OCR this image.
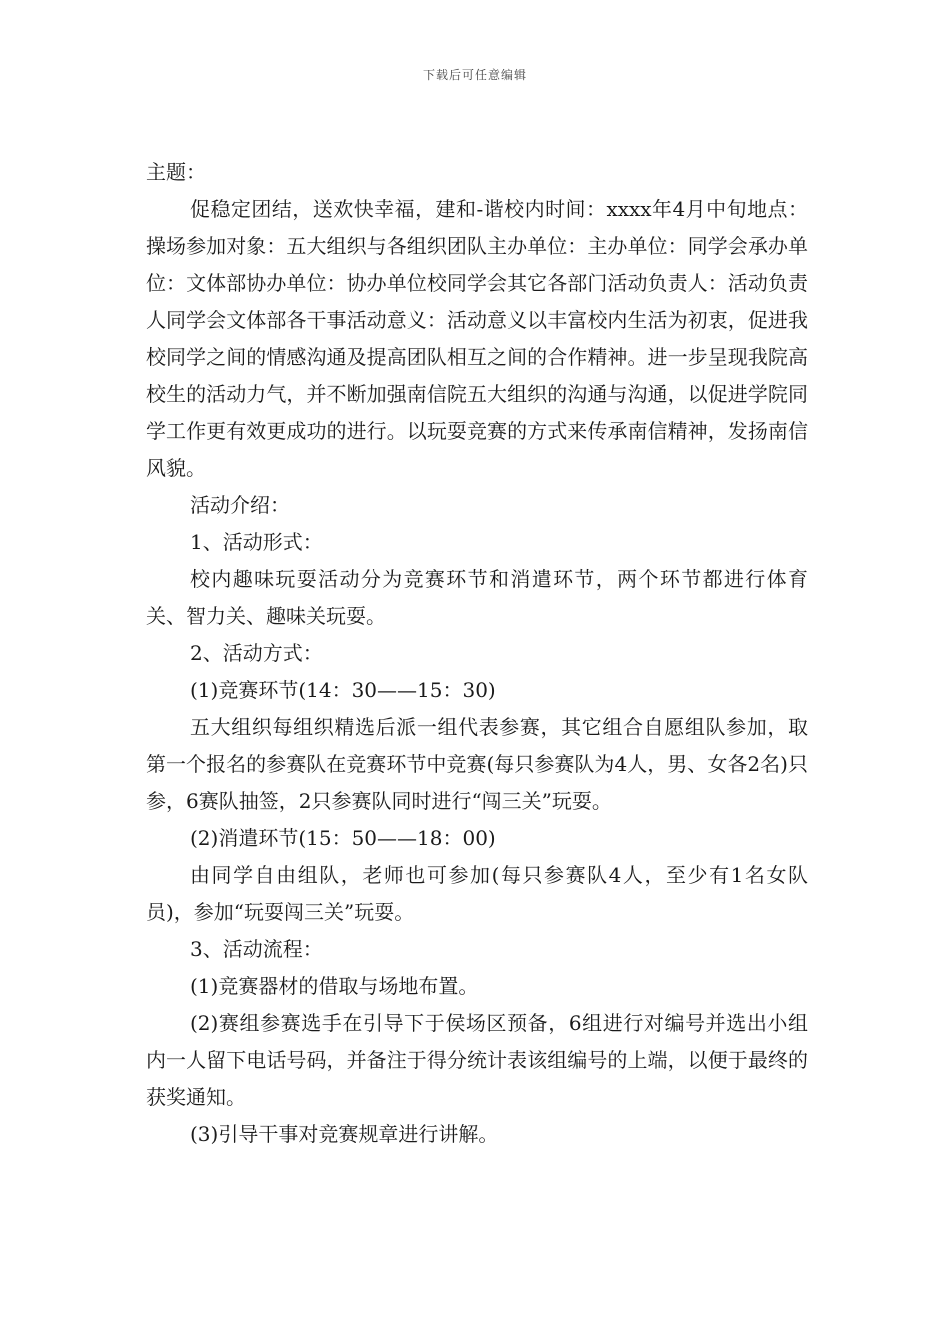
下载后可任意编辑

主题：

促稳定团结，送欢快幸福，建和-谐校内时间：xxxx年4月中旬地点：操场参加对象：五大组织与各组织团队主办单位：主办单位：同学会承办单位：文体部协办单位：协办单位校同学会其它各部门活动负责人：活动负责人同学会文体部各干事活动意义：活动意义以丰富校内生活为初衷，促进我校同学之间的情感沟通及提高团队相互之间的合作精神。进一步呈现我院高校生的活动力气，并不断加强南信院五大组织的沟通与沟通，以促进学院同学工作更有效更成功的进行。以玩耍竞赛的方式来传承南信精神，发扬南信风貌。

活动介绍：

1、活动形式：

校内趣味玩耍活动分为竞赛环节和消遣环节，两个环节都进行体育关、智力关、趣味关玩耍。

2、活动方式：

(1)竞赛环节(14：30——15：30)

五大组织每组织精选后派一组代表参赛，其它组合自愿组队参加，取第一个报名的参赛队在竞赛环节中竞赛(每只参赛队为4人，男、女各2名)只参，6赛队抽签，2只参赛队同时进行“闯三关”玩耍。

(2)消遣环节(15：50——18：00)

由同学自由组队，老师也可参加(每只参赛队4人，至少有1名女队员)，参加“玩耍闯三关”玩耍。

3、活动流程：

(1)竞赛器材的借取与场地布置。

(2)赛组参赛选手在引导下于侯场区预备，6组进行对编号并选出小组内一人留下电话号码，并备注于得分统计表该组编号的上端，以便于最终的获奖通知。

(3)引导干事对竞赛规章进行讲解。
